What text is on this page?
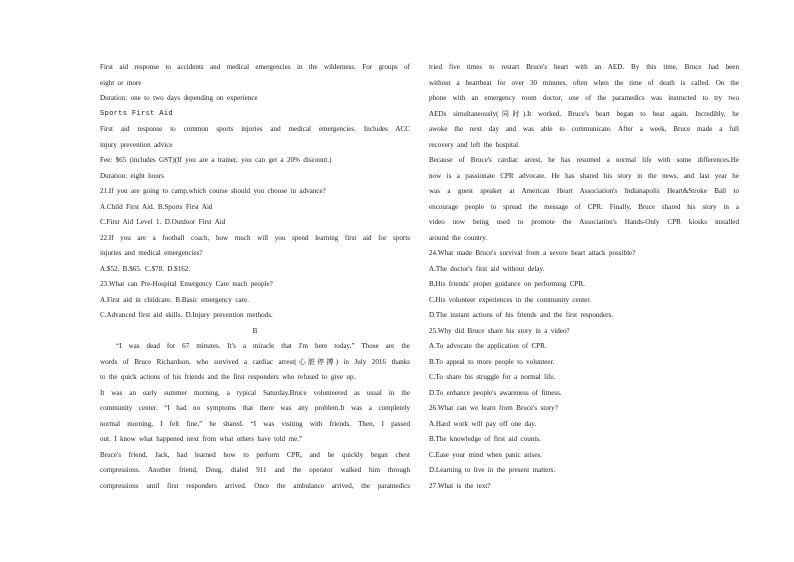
First aid response to accidents and medical emergencies in the wilderness. For groups of
eight or more
Duration: one to two days depending on experience
Sports First Aid
First aid response to common sports injuries and medical emergencies. Includes ACC
injury prevention advice
Fee: $65 (includes GST)(If you are a trainer, you can get a 20% discount.)
Duration: eight hours
21.If you are going to camp,which course should you choose in advance?
A.Child First Aid. B.Sports First Aid
C.First Aid Level 1. D.Outdoor First Aid
22.If you are a football coach, how much will you spend learning first aid for sports
injuries and medical emergencies?
A.$52. B.$65. C.$78. D.$162.
23.What can Pre-Hospital Emergency Care teach people?
A.First aid in childcare. B.Basic emergency care.
C.Advanced first aid skills. D.Injury prevention methods.
B
“I was dead for 67 minutes. It's a miracle that I'm here today.” Those are the
words of Bruce Richardson, who survived a cardiac arrest(心脏停搏) in July 2016 thanks
to the quick actions of his friends and the first responders who refused to give up.
It was an early summer morning, a typical Saturday.Bruce volunteered as usual in the
community center. “I had no symptoms that there was any problem.It was a completely
normal morning, I felt fine,” he shared. “I was visiting with friends. Then, I passed
out. I know what happened next from what others have told me.”
Bruce's friend, Jack, had learned how to perform CPR, and he quickly began chest
compressions. Another friend, Doug, dialed 911 and the operator walked him through
compressions until first responders arrived. Once the ambulance arrived, the paramedics
tried five times to restart Bruce's heart with an AED. By this time, Bruce had been
without a heartbeat for over 30 minutes, often when the time of death is called. On the
phone with an emergency room doctor, one of the paramedics was instructed to try two
AEDs simultaneously(同时).It worked. Bruce's heart began to beat again. Incredibly, he
awoke the next day and was able to communicate. After a week, Bruce made a full
recovery and left the hospital.
Because of Bruce's cardiac arrest, he has resumed a normal life with some differences.He
now is a passionate CPR advocate. He has shared his story in the news, and last year he
was a guest speaker at American Heart Association's Indianapolis Heart&Stroke Ball to
encourage people to spread the message of CPR. Finally, Bruce shared his story in a
video now being used to promote the Association's Hands-Only CPR kiosks installed
around the country.
24.What made Bruce's survival from a severe heart attack possible?
A.The doctor's first aid without delay.
B.His friends' proper guidance on performing CPR.
C.His volunteer experiences in the community center.
D.The instant actions of his friends and the first responders.
25.Why did Bruce share his story in a video?
A.To advocate the application of CPR.
B.To appeal to more people to volunteer.
C.To share his struggle for a normal life.
D.To enhance people's awareness of fitness.
26.What can we learn from Bruce's story?
A.Hard work will pay off one day.
B.The knowledge of first aid counts.
C.Ease your mind when panic arises.
D.Learning to live in the present matters.
27.What is the text?
